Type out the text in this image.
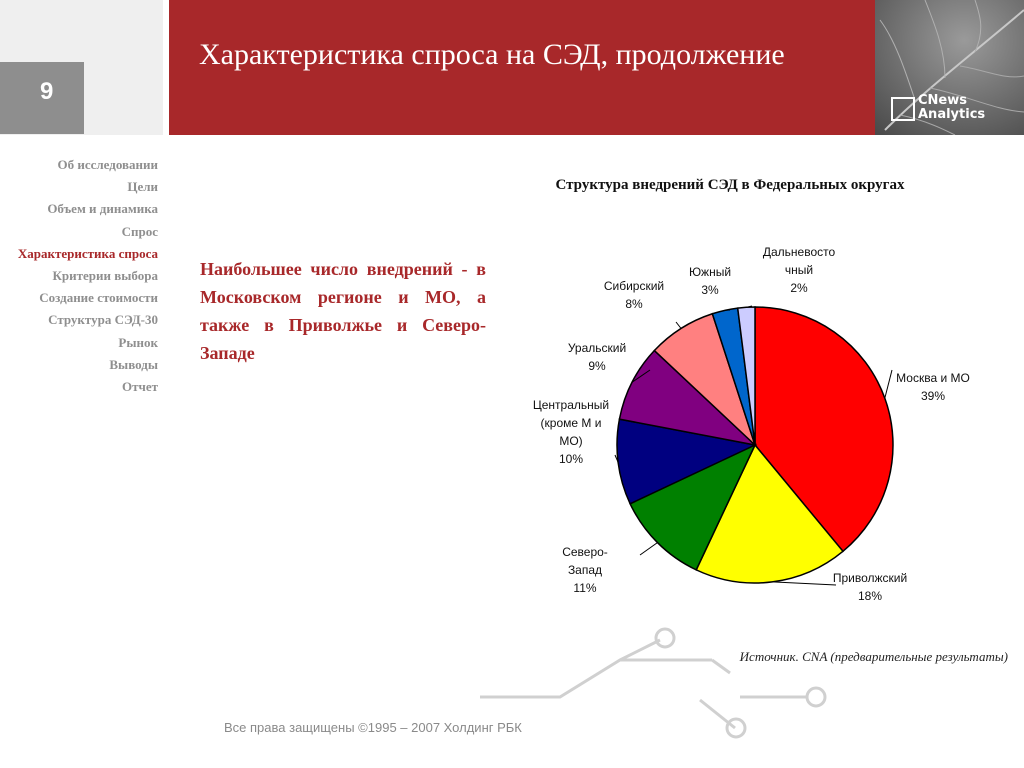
9
Характеристика спроса на СЭД, продолжение
CNews
Analytics
Об исследовании
Цели
Объем и динамика
Спрос
Характеристика спроса
Критерии выбора
Создание стоимости
Структура СЭД-30
Рынок
Выводы
Отчет
Наибольшее число внедрений - в Московском регионе и МО, а также в Приволжье и Северо-Западе
Структура внедрений СЭД в Федеральных округах
Москва и МО 39%
Приволжский 18%
Северо-Запад 11%
Центральный (кроме М и МО) 10%
Уральский 9%
Сибирский 8%
Южный 3%
Дальневосто чный 2%
Источник. CNA (предварительные результаты)
Все права защищены ©1995 – 2007 Холдинг РБК
